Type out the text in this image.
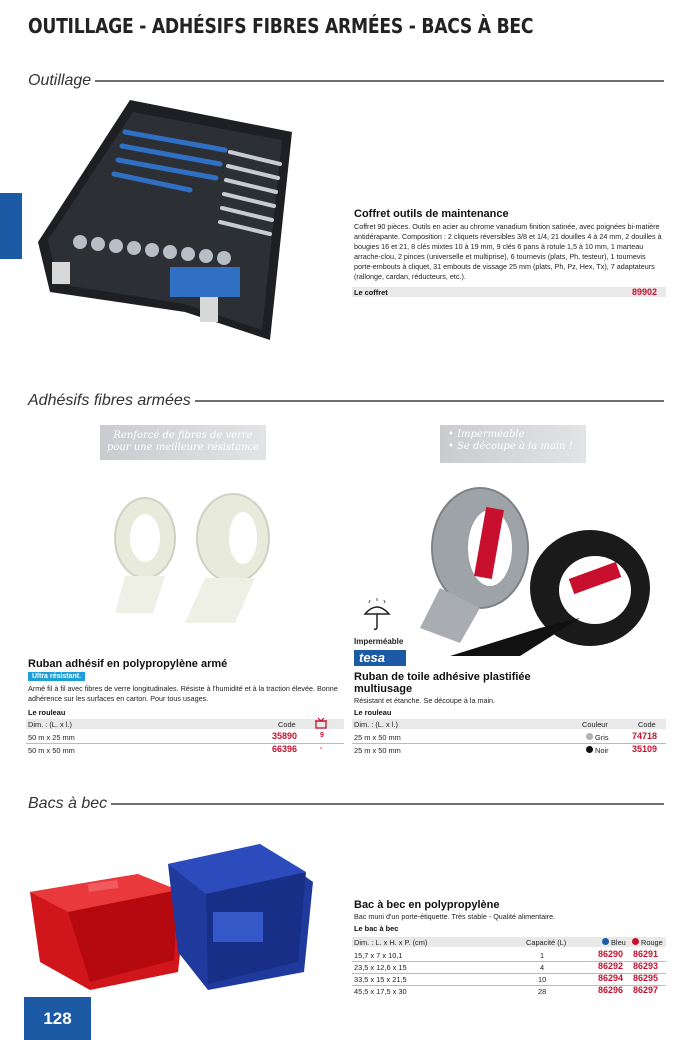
OUTILLAGE - ADHÉSIFS FIBRES ARMÉES - BACS À BEC
Outillage
Coffret outils de maintenance
Coffret 90 pièces. Outils en acier au chrome vanadium finition satinée, avec poignées bi-matière antidérapante. Composition : 2 cliquets réversibles 3/8 et 1/4, 21 douilles 4 à 24 mm, 2 douilles à bougies 16 et 21, 8 clés mixtes 10 à 19 mm, 9 clés 6 pans à rotule 1,5 à 10 mm, 1 marteau arrache-clou, 2 pinces (universelle et multiprise), 6 tournevis (plats, Ph, testeur), 1 tournevis porte-embouts à cliquet, 31 embouts de vissage 25 mm (plats, Ph, Pz, Hex, Tx), 7 adaptateurs (rallonge, cardan, réducteurs, etc.).
Le coffret	89902
Adhésifs fibres armées
Renforcé de fibres de verre
pour une meilleure résistance
Ruban adhésif en polypropylène armé
Ultra résistant.
Armé fil à fil avec fibres de verre longitudinales. Résiste à l'humidité et à la traction élevée. Bonne adhérence sur les surfaces en carton. Pour tous usages.
Le rouleau
Dim. : (L. x l.)	Code
50 m x 25 mm	35890	9
50 m x 50 mm	66396	-
• Imperméable
• Se découpe à la main !
Imperméable
tesa
Ruban de toile adhésive plastifiée multiusage
Résistant et étanche. Se découpe à la main.
Le rouleau
Dim. : (L. x l.)	Couleur	Code
25 m x 50 mm	Gris	74718
25 m x 50 mm	Noir	35109
Bacs à bec
Bac à bec en polypropylène
Bac muni d'un porte-étiquette. Très stable - Qualité alimentaire.
Le bac à bec
Dim. : L. x H. x P. (cm)	Capacité (L)	Bleu Rouge
15,7 x 7 x 10,1	1	86290 86291
23,5 x 12,6 x 15	4	86292 86293
33,5 x 15 x 21,5	10	86294 86295
45,5 x 17,5 x 30	28	86296 86297
128
